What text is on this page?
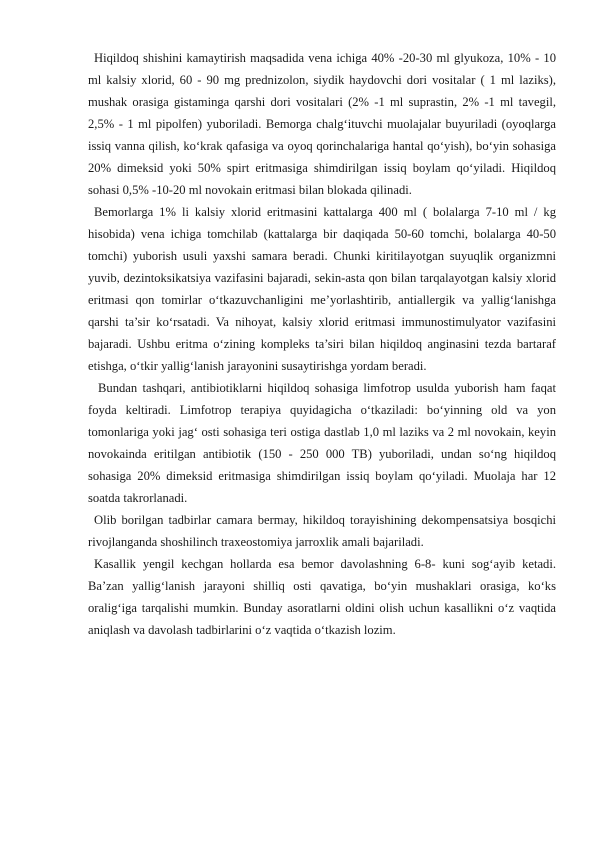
Hiqildoq shishini kamaytirish maqsadida vena ichiga 40% -20-30 ml glyukoza, 10% - 10 ml kalsiy xlorid, 60 - 90 mg prednizolon, siydik haydovchi dori vositalar ( 1 ml laziks), mushak orasiga gistaminga qarshi dori vositalari (2% -1 ml suprastin, 2% -1 ml tavegil, 2,5% - 1 ml pipolfen) yuboriladi. Bemorga chalg‘ituvchi muolajalar buyuriladi (oyoqlarga issiq vanna qilish, ko‘krak qafasiga va oyoq qorinchalariga hantal qo‘yish), bo‘yin sohasiga 20% dimeksid yoki 50% spirt eritmasiga shimdirilgan issiq boylam qo‘yiladi. Hiqildoq sohasi 0,5% -10-20 ml novokain eritmasi bilan blokada qilinadi.

Bemorlarga 1% li kalsiy xlorid eritmasini kattalarga 400 ml ( bolalarga 7-10 ml / kg hisobida) vena ichiga tomchilab (kattalarga bir daqiqada 50-60 tomchi, bolalarga 40-50 tomchi) yuborish usuli yaxshi samara beradi. Chunki kiritilayotgan suyuqlik organizmni yuvib, dezintoksikatsiya vazifasini bajaradi, sekin-asta qon bilan tarqalayotgan kalsiy xlorid eritmasi qon tomirlar o‘tkazuvchanligini me’yorlashtirib, antiallergik va yallig‘lanishga qarshi ta’sir ko‘rsatadi. Va nihoyat, kalsiy xlorid eritmasi immunostimulyator vazifasini bajaradi. Ushbu eritma o‘zining kompleks ta’siri bilan hiqildoq anginasini tezda bartaraf etishga, o‘tkir yallig‘lanish jarayonini susaytirishga yordam beradi.

Bundan tashqari, antibiotiklarni hiqildoq sohasiga limfotrop usulda yuborish ham faqat foyda keltiradi. Limfotrop terapiya quyidagicha o‘tkaziladi: bo‘yinning old va yon tomonlariga yoki jag‘ osti sohasiga teri ostiga dastlab 1,0 ml laziks va 2 ml novokain, keyin novokainda eritilgan antibiotik (150 - 250 000 TB) yuboriladi, undan so‘ng hiqildoq sohasiga 20% dimeksid eritmasiga shimdirilgan issiq boylam qo‘yiladi. Muolaja har 12 soatda takrorlanadi.

Olib borilgan tadbirlar camara bermay, hikildoq torayishining dekompensatsiya bosqichi rivojlanganda shoshilinch traxeostomiya jarroxlik amali bajariladi.

Kasallik yengil kechgan hollarda esa bemor davolashning 6-8- kuni sog‘ayib ketadi. Ba’zan yallig‘lanish jarayoni shilliq osti qavatiga, bo‘yin mushaklari orasiga, ko‘ks oralig‘iga tarqalishi mumkin. Bunday asoratlarni oldini olish uchun kasallikni o‘z vaqtida aniqlash va davolash tadbirlarini o‘z vaqtida o‘tkazish lozim.
